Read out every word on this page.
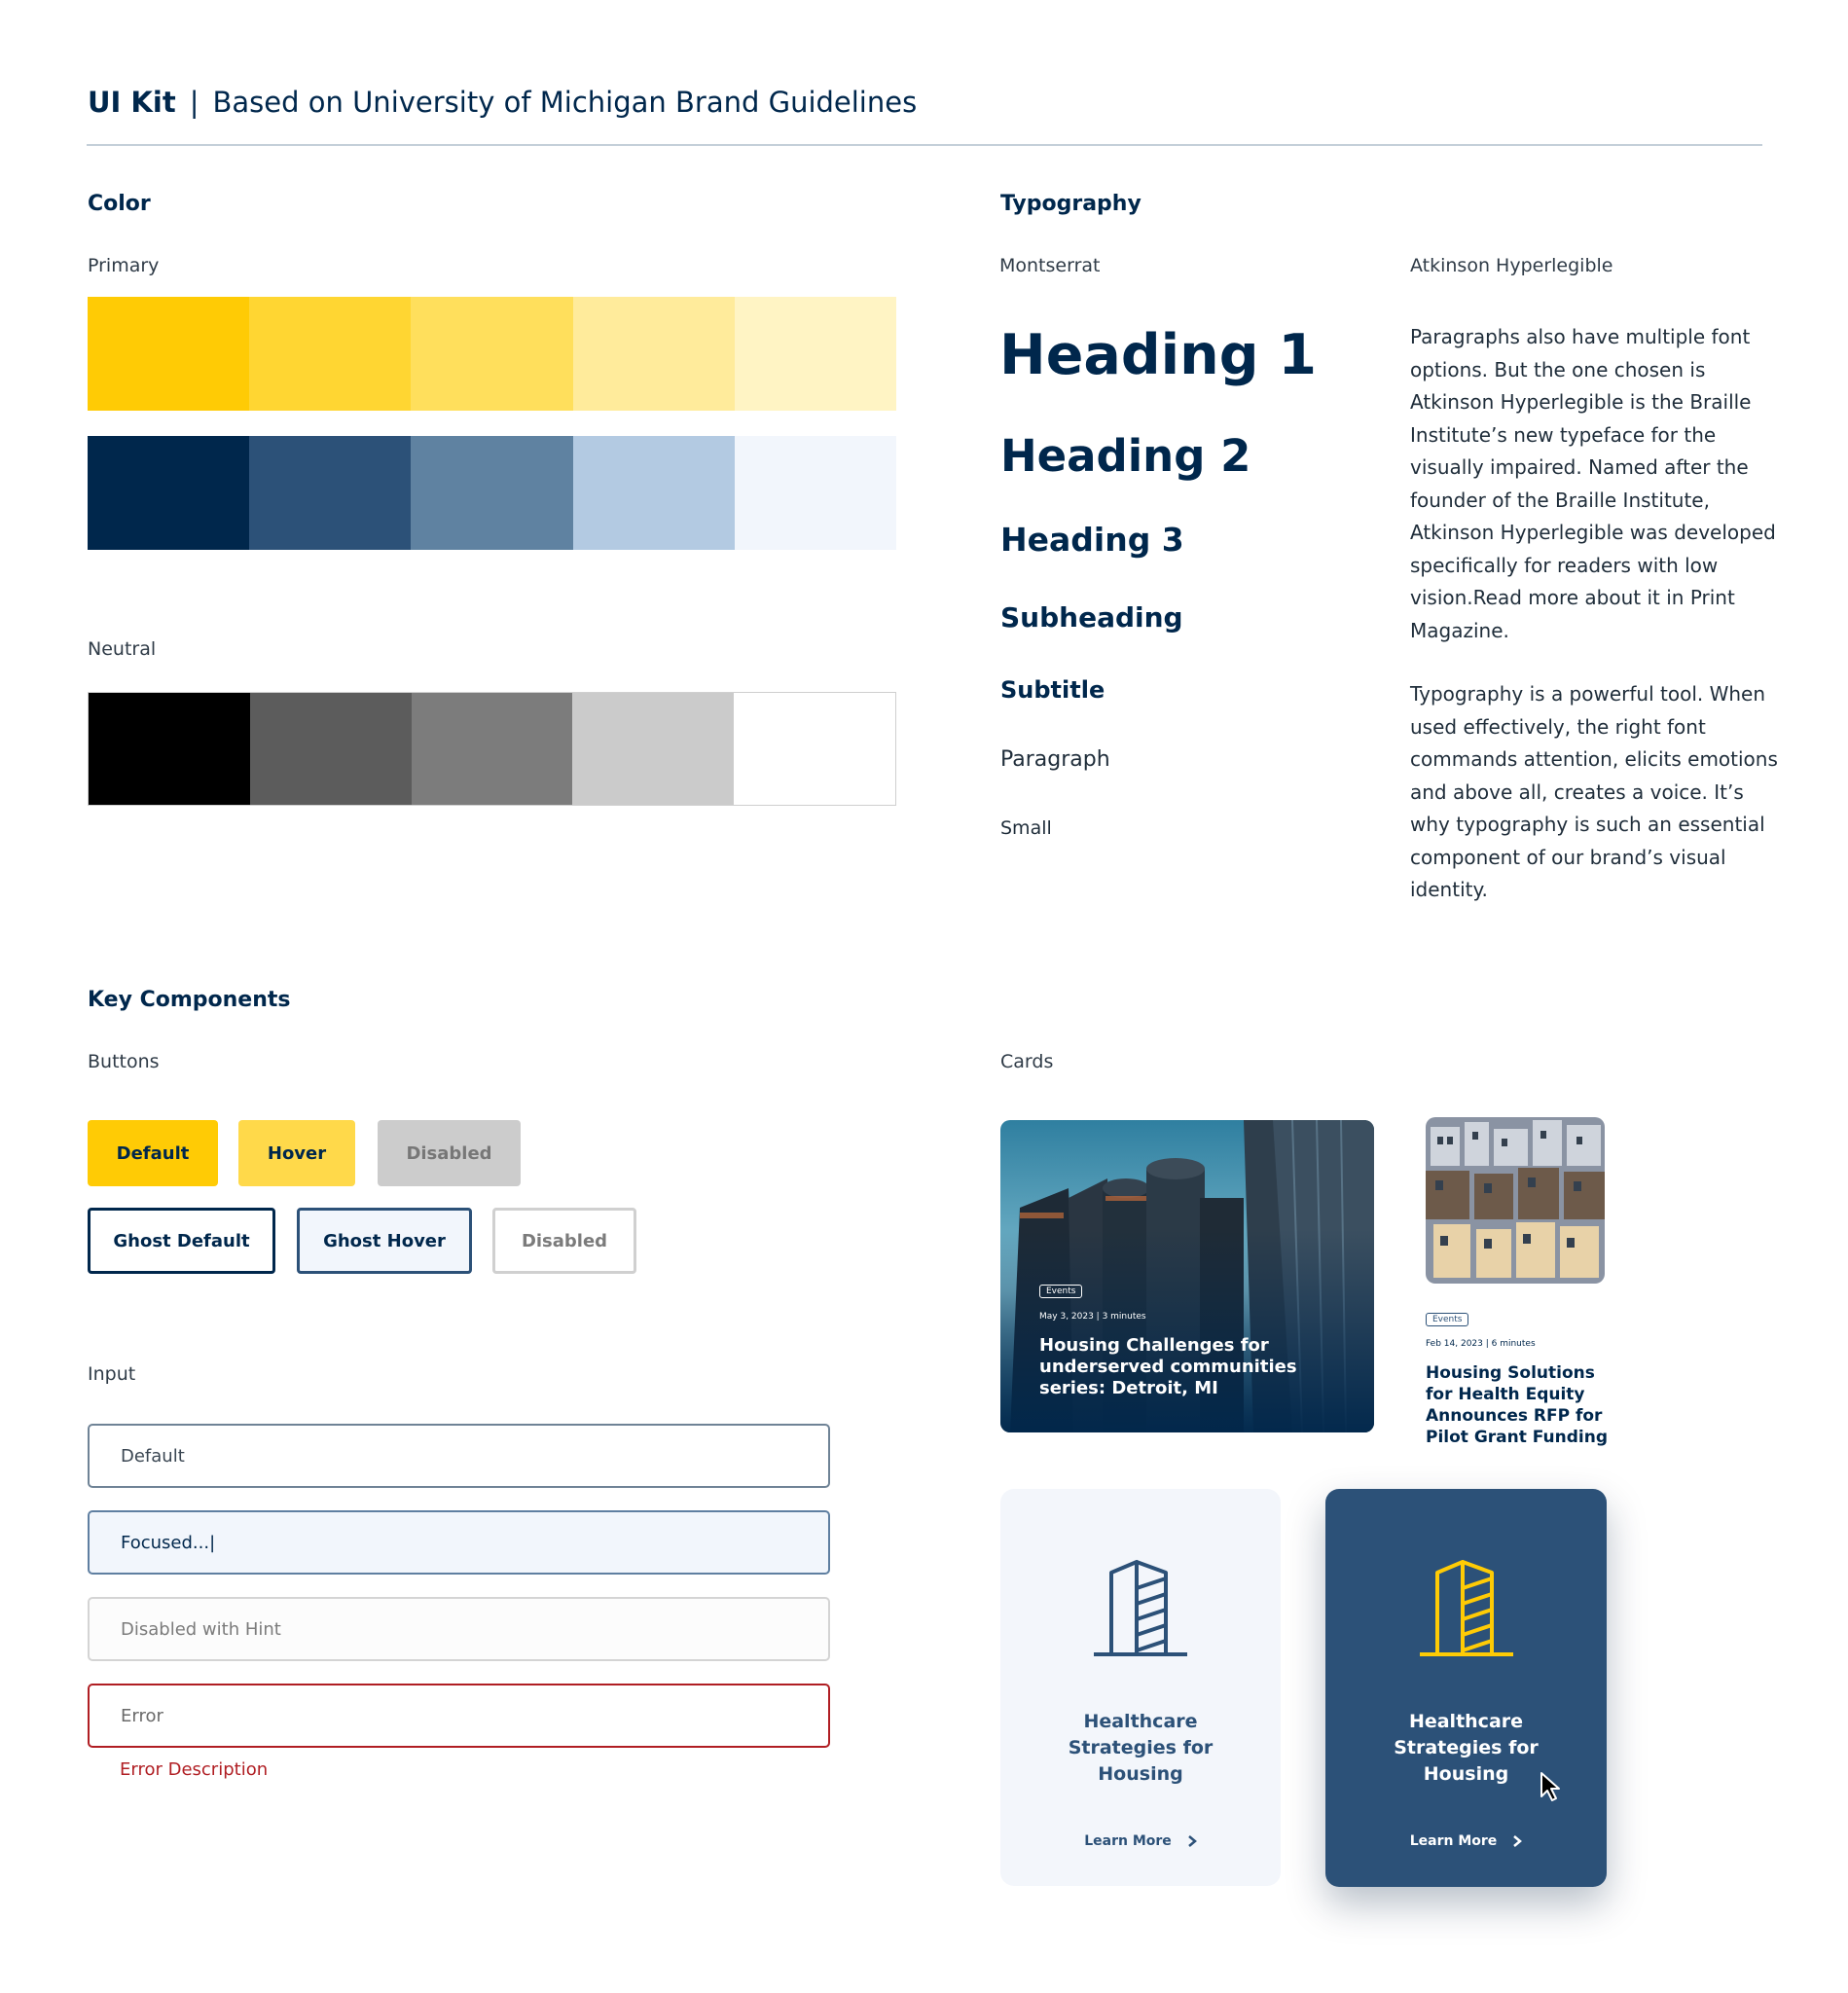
UI Kit | Based on University of Michigan Brand Guidelines
Color
Primary
Neutral
Typography
Montserrat	Atkinson Hyperlegible
Heading 1
Heading 2
Heading 3
Subheading
Subtitle
Paragraph
Small
Paragraphs also have multiple font options. But the one chosen is Atkinson Hyperlegible is the Braille Institute’s new typeface for the visually impaired. Named after the founder of the Braille Institute, Atkinson Hyperlegible was developed specifically for readers with low vision.Read more about it in Print Magazine.
Typography is a powerful tool. When used effectively, the right font commands attention, elicits emotions and above all, creates a voice. It’s why typography is such an essential component of our brand’s visual identity.
Key Components
Buttons
Default	Hover	Disabled
Ghost Default	Ghost Hover	Disabled
Input
Default
Focused...|
Disabled with Hint
Error
Error Description
Cards
Events
May 3, 2023 | 3 minutes
Housing Challenges for underserved communities series: Detroit, MI
Events
Feb 14, 2023 | 6 minutes
Housing Solutions for Health Equity Announces RFP for Pilot Grant Funding
Healthcare Strategies for Housing
Learn More
Healthcare Strategies for Housing
Learn More
